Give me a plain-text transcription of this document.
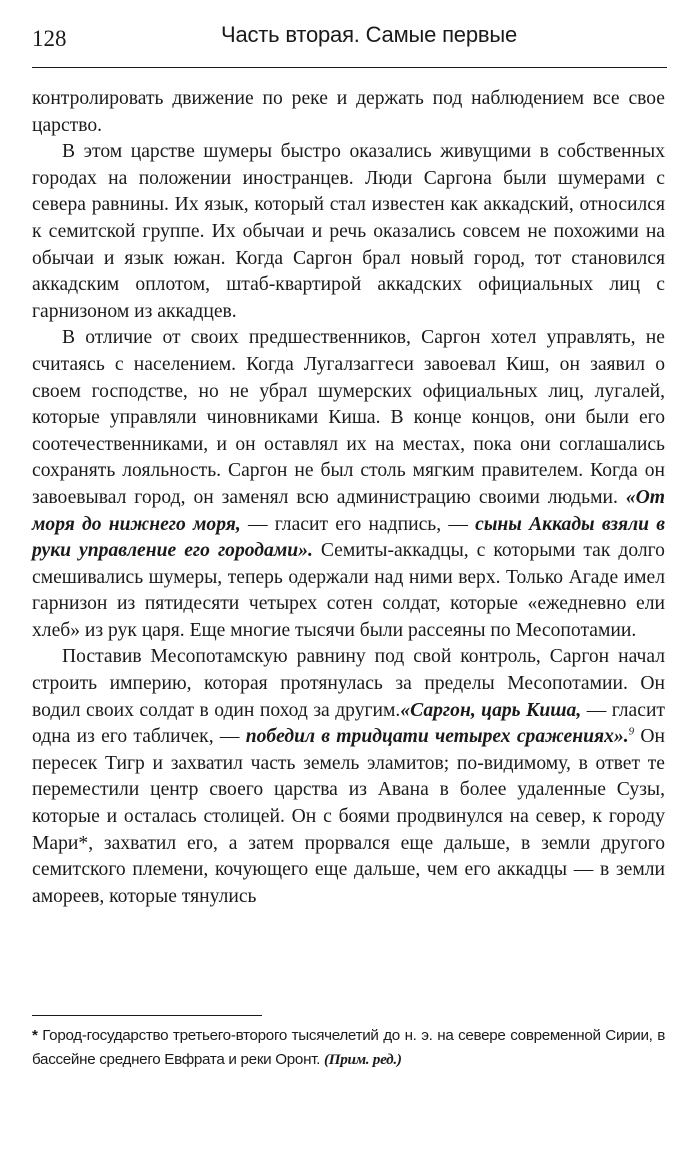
128	Часть вторая. Самые первые

контролировать движение по реке и держать под наблюдением все свое царство.

В этом царстве шумеры быстро оказались живущими в собственных городах на положении иностранцев. Люди Саргона были шумерами с севера равнины. Их язык, который стал известен как аккадский, относился к семитской группе. Их обычаи и речь оказались совсем не похожими на обычаи и язык южан. Когда Саргон брал новый город, тот становился аккадским оплотом, штаб-квартирой аккадских официальных лиц с гарнизоном из аккадцев.

В отличие от своих предшественников, Саргон хотел управлять, не считаясь с населением. Когда Лугалзаггеси завоевал Киш, он заявил о своем господстве, но не убрал шумерских официальных лиц, лугалей, которые управляли чиновниками Киша. В конце концов, они были его соотечественниками, и он оставлял их на местах, пока они соглашались сохранять лояльность. Саргон не был столь мягким правителем. Когда он завоевывал город, он заменял всю администрацию своими людьми. «От моря до нижнего моря, — гласит его надпись, — сыны Аккады взяли в руки управление его городами». Семиты-аккадцы, с которыми так долго смешивались шумеры, теперь одержали над ними верх. Только Агаде имел гарнизон из пятидесяти четырех сотен солдат, которые «ежедневно ели хлеб» из рук царя. Еще многие тысячи были рассеяны по Месопотамии.

Поставив Месопотамскую равнину под свой контроль, Саргон начал строить империю, которая протянулась за пределы Месопотамии. Он водил своих солдат в один поход за другим.«Саргон, царь Киша, — гласит одна из его табличек, — победил в тридцати четырех сражениях».$^9$ Он пересек Тигр и захватил часть земель эламитов; по-видимому, в ответ те переместили центр своего царства из Авана в более удаленные Сузы, которые и осталась столицей. Он с боями продвинулся на север, к городу Мари*, захватил его, а затем прорвался еще дальше, в земли другого семитского племени, кочующего еще дальше, чем его аккадцы — в земли амореев, которые тянулись

* Город-государство третьего-второго тысячелетий до н. э. на севере современной Сирии, в бассейне среднего Евфрата и реки Оронт. (Прим. ред.)
